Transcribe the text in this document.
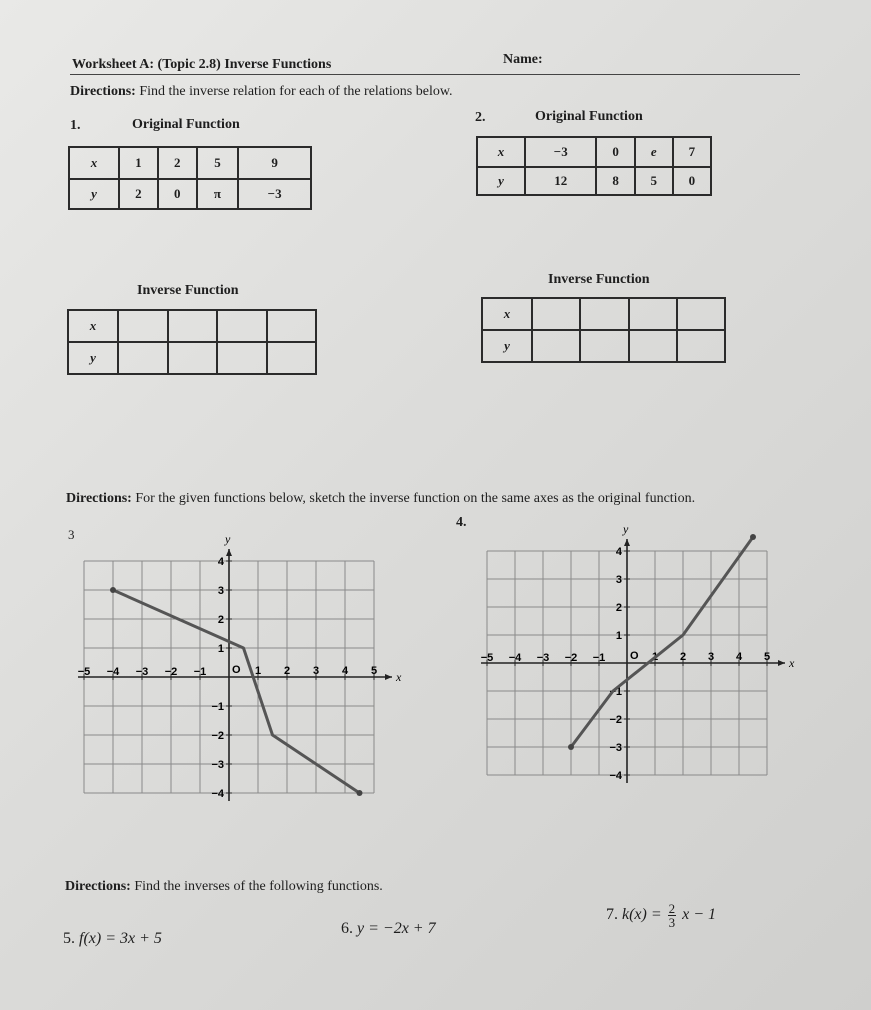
Worksheet A: (Topic 2.8) Inverse Functions	Name:
Directions: Find the inverse relation for each of the relations below.
1.	Original Function
x	1	2	5	9
y	2	0	π	−3
Inverse Function
x				
y				
2.	Original Function
x	−3	0	e	7
y	12	8	5	0
Inverse Function
x				
y				
Directions: For the given functions below, sketch the inverse function on the same axes as the original function.
3
x
y
−5 −4 −3 −2 −1	1 2 3 4 5
4
3
2
1
−1
−2
−3
−4
O
4.
x
y
−5 −4 −3 −2 −1	1 2 3 4 5
4
3
2
1
−1
−2
−3
−4
O
Directions: Find the inverses of the following functions.
5. f(x) = 3x + 5
6. y = −2x + 7
7. $k(x) = \frac{2}{3}$ x − 1
